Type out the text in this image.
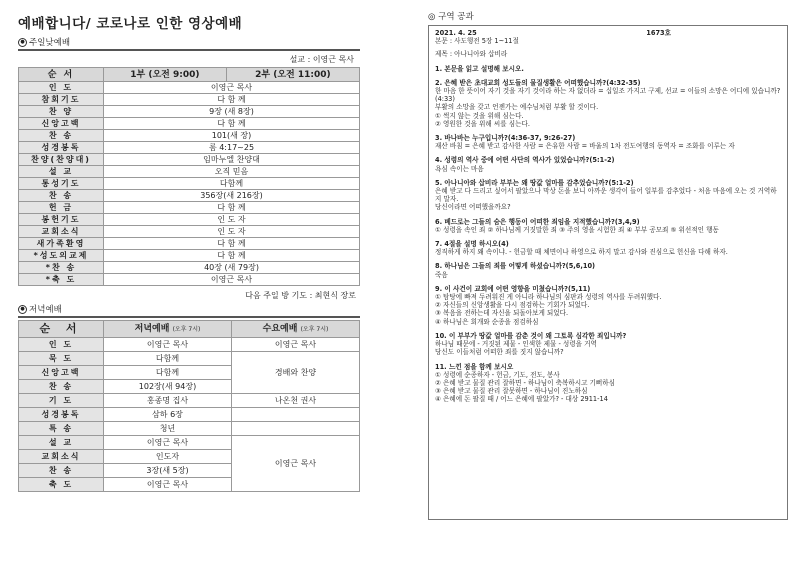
예배합니다/ 코로나로 인한 영상예배
● 주일낮예배
설교 : 이영근 목사
순 서	1부 (오전 9:00)	2부 (오전 11:00)
인 도	이영근 목사	
참회기도	다 함 께	
찬 양	9장 (새 8장)	
신앙고백	다 함 께	
찬 송	101(새 장)	
성경봉독	롬 4:17~25	
찬양(찬양대)	임마누엘 찬양대	
설 교	오직 믿음	
통성기도	다함께	
찬 송	356장(새 216장)	
헌 금	다 함 께	
봉헌기도	인 도 자	
교회소식	인 도 자	
새가족환영	다 함 께	
*성도의교제	다 함 께	
*찬 송	40장 (새 79장)	
*축 도	이영근 목사	
다음 주일 방 기도 : 최현식 장로
● 저녁예배
순 서	저녁예배 (오후 7시)	수요예배 (오후 7시)
인 도	이영근 목사	이영근 목사
묵 도	다함께	경배와 찬양
신앙고백	다함께	
찬 송	102장(새 94장)	
기 도	홍종명 집사	나온천 권사
성경봉독	삼하 6장	
특 송	청년	
설 교	이영근 목사	이영근 목사
교회소식	인도자	
찬 송	3장(새 5장)	
축 도	이영근 목사	
◎ 구역 공과
2021. 4. 25	1673호

본문 : 사도행전 5장 1~11절

제목 : 아나니아와 삽비라

1. 본문을 읽고 설명해 보시오.
2. 은혜 받은 초대교회 성도들의 물질생활은 어떠했습니까?(4:32-35)

한 마음 한 뜻이어 자기 것을 자기 것이라 하는 자 없더라 = 십일조 가지고 구제, 선교 = 이들의 소망은 어디에 있습니까?(4:33)

부활의 소망을 갖고 언젠가는 예수님처럼 부활 할 것이다.

① 썩지 않는 것을 위해 심는다.

② 영원한 것을 위해 씨를 심는다.

3. 바나바는 누구입니까?(4:36-37, 9:26-27)

재산 바침 = 은혜 받고 감사한 사람 = 은유한 사람 = 바울의 1차 전도여행의 동역자 = 조화를 이루는 자

4. 성령의 역사 중에 어떤 사단의 역사가 있었습니까?(5:1-2)

욕심 속이는 마음

5. 아나니아와 삽비라 부부는 왜 땅값 얼마를 감추었습니까?(5:1-2)

은혜 받고 다 드리고 싶어서 팔았으나 막상 돈을 보니 아까운 생각이 들어 일부를 감추었다 - 처음 마음에 오는 것 거역하지 말자.

당신이라면 어떠했을까요?

6. 베드로는 그들의 숨은 행동이 어떠한 죄임을 지적했습니까?(3,4,9)

① 성령을 속인 죄 ② 하나님께 거짓말한 죄 ③ 주의 영을 시험한 죄 ④ 부부 공모죄 ⑤ 위선적인 행동

7. 4절을 설명 하시오(4)

정직하게 하지 왜 속이냐. - 헌금할 때 체면이나 하영으로 하지 말고 감사와 진심으로 헌신을 다해 하자.

8. 하나님은 그들의 죄를 어떻게 하셨습니까?(5,6,10)

죽음

9. 이 사건이 교회에 어떤 영향을 미쳤습니까?(5,11)

① 탐탕에 빠져 두려워진 게 아니라 하나님의 심판과 성령의 역사를 두려워했다.

② 자신들의 신앙생활을 다시 점검하는 기회가 되었다.

③ 복음을 전하는데 자신을 되돌아보게 되었다.

④ 하나님은 회개와 순종을 점검하심

10. 이 부부가 땅값 얼마를 감춘 것이 왜 그토록 심각한 죄입니까?

하나님 때문에 - 거짓된 제물 - 인색한 제물 - 성령을 거역

당신도 이들처럼 어떠한 죄를 짓지 않습니까?

11. 느낀 점을 함께 보시오

① 성령에 순종하자 - 헌금, 기도, 전도, 봉사

② 은혜 받고 물질 관리 잘하면 - 하나님이 축복하시고 기뻐하심

③ 은혜 받고 물질 관리 잘못하면 - 하나님이 진노하심

④ 은혜에 돈 팔질 때 / 어느 은혜에 팔았가? - 대상 2911-14
